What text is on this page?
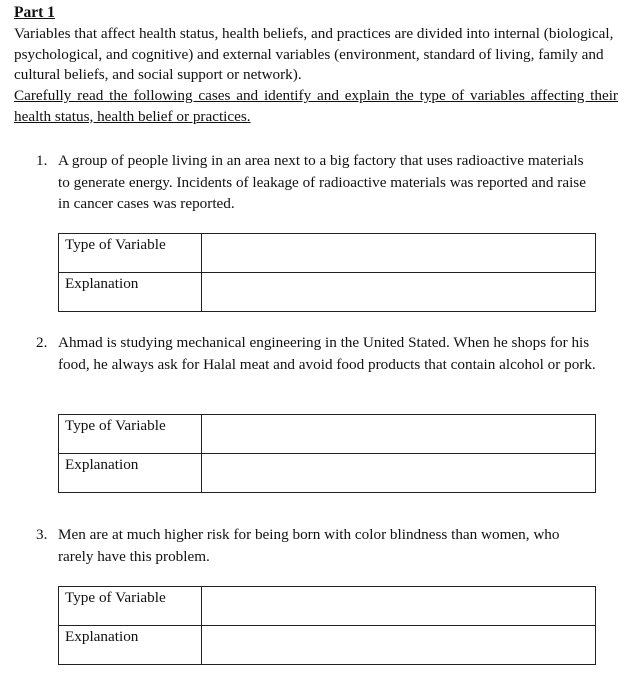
Part 1

Variables that affect health status, health beliefs, and practices are divided into internal (biological, psychological, and cognitive) and external variables (environment, standard of living, family and cultural beliefs, and social support or network).

Carefully read the following cases and identify and explain the type of variables affecting their health status, health belief or practices.

1. A group of people living in an area next to a big factory that uses radioactive materials to generate energy. Incidents of leakage of radioactive materials was reported and raise in cancer cases was reported.
Type of Variable	
Explanation	
2. Ahmad is studying mechanical engineering in the United Stated. When he shops for his food, he always ask for Halal meat and avoid food products that contain alcohol or pork.
Type of Variable	
Explanation	
3. Men are at much higher risk for being born with color blindness than women, who rarely have this problem.
Type of Variable	
Explanation	
